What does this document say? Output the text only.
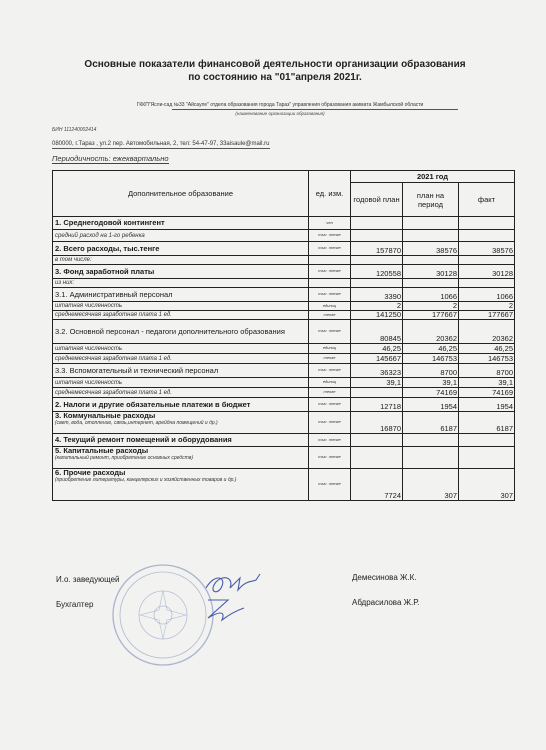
Основные показатели финансовой деятельности организации образования
по состоянию на "01"апреля 2021г.
ГККП"Ясли-сад №33 "Айсауле" отдела образования города Тараз" управления образования акимата Жамбылской области
(наименование организации образования)
БИН 111240002414
080000, г.Тараз , ул.2 пер. Автомобильная, 2, тел: 54-47-97, 33aisaule@mail.ru
Периодичность: ежеквартально
Дополнительное образование	ед. изм.	2021 год		
		годовой план	план на период	факт
1. Среднегодовой контингент	чел			
средний расход на 1-го ребенка	тыс. тенге			
2. Всего расходы, тыс.тенге	тыс. тенге	157870	38576	38576
в том числе:				
3. Фонд заработной платы	тыс. тенге	120558	30128	30128
из них:				
3.1. Административный персонал	тыс. тенге	3390	1066	1066
штатная численность	единиц	2	2	2
среднемесячная заработная плата 1 ед.	тенге	141250	177667	177667
3.2. Основной персонал - педагоги дополнительного образования	тыс. тенге	80845	20362	20362
штатная численность	единиц	46,25	46,25	46,25
среднемесячная заработная плата 1 ед.	тенге	145667	146753	146753
3.3. Вспомогательный и технический персонал	тыс. тенге	36323	8700	8700
штатная численность	единиц	39,1	39,1	39,1
среднемесячная заработная плата 1 ед.	тенге		74169	74169
2. Налоги и другие обязательные платежи в бюджет	тыс. тенге	12718	1954	1954
3. Коммунальные расходы
(свет, вода, отопление, связь,интернет, арейдна помещений и др.)	тыс. тенге	16870	6187	6187
4. Текущий ремонт помещений и оборудования	тыс. тенге			
5. Капитальные расходы
(капитальный ремонт, приобретение основных средств)	тыс. тенге			
6. Прочие расходы
(приобретение литературы, канцелярских и хозяйственных товаров и др.)	тыс. тенге	7724	307	307
И.о. заведующей	Демесинова Ж.К.
Бухгалтер	Абдрасилова Ж.Р.
